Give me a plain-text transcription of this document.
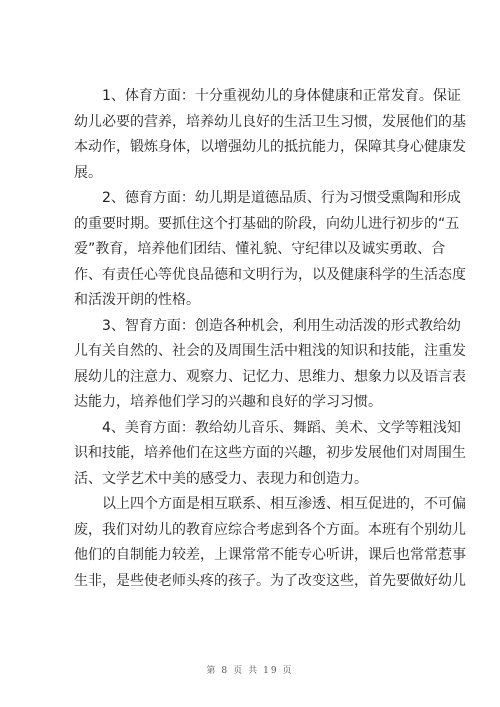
1、体育方面：十分重视幼儿的身体健康和正常发育。保证
幼儿必要的营养，培养幼儿良好的生活卫生习惯，发展他们的基
本动作，锻炼身体，以增强幼儿的抵抗能力，保障其身心健康发
展。
2、德育方面：幼儿期是道德品质、行为习惯受熏陶和形成
的重要时期。要抓住这个打基础的阶段，向幼儿进行初步的“五
爱”教育，培养他们团结、懂礼貌、守纪律以及诚实勇敢、合
作、有责任心等优良品德和文明行为，以及健康科学的生活态度
和活泼开朗的性格。
3、智育方面：创造各种机会，利用生动活泼的形式教给幼
儿有关自然的、社会的及周围生活中粗浅的知识和技能，注重发
展幼儿的注意力、观察力、记忆力、思维力、想象力以及语言表
达能力，培养他们学习的兴趣和良好的学习习惯。
4、美育方面：教给幼儿音乐、舞蹈、美术、文学等粗浅知
识和技能，培养他们在这些方面的兴趣，初步发展他们对周围生
活、文学艺术中美的感受力、表现力和创造力。
以上四个方面是相互联系、相互渗透、相互促进的，不可偏
废，我们对幼儿的教育应综合考虑到各个方面。本班有个别幼儿
他们的自制能力较差，上课常常不能专心听讲，课后也常常惹事
生非，是些使老师头疼的孩子。为了改变这些，首先要做好幼儿
第 8 页 共 19 页
